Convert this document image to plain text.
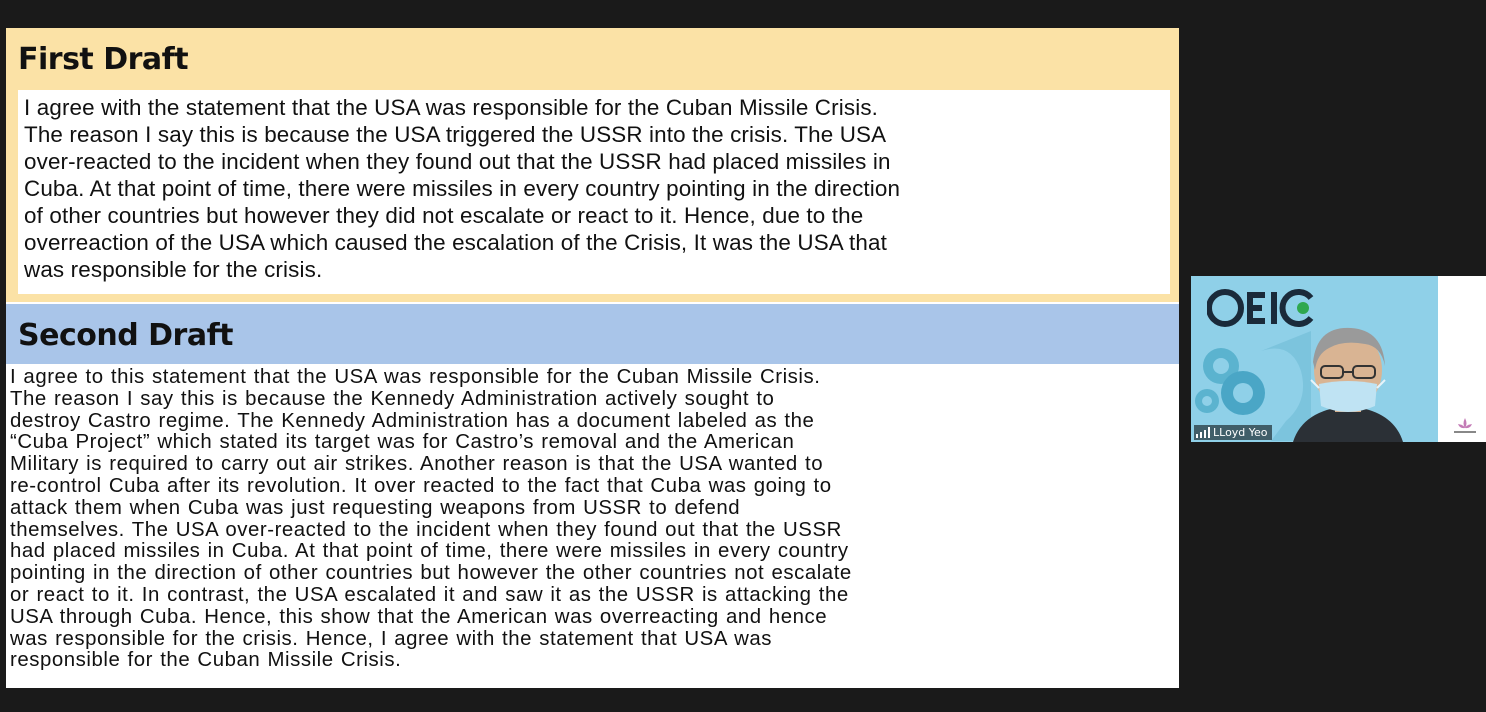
First Draft

I agree with the statement that the USA was responsible for the Cuban Missile Crisis.
The reason I say this is because the USA triggered the USSR into the crisis. The USA
over-reacted to the incident when they found out that the USSR had placed missiles in
Cuba. At that point of time, there were missiles in every country pointing in the direction
of other countries but however they did not escalate or react to it. Hence, due to the
overreaction of the USA which caused the escalation of the Crisis, It was the USA that
was responsible for the crisis.

Second Draft

I agree to this statement that the USA was responsible for the Cuban Missile Crisis.
The reason I say this is because the Kennedy Administration actively sought to
destroy Castro regime. The Kennedy Administration has a document labeled as the
“Cuba Project” which stated its target was for Castro’s removal and the American
Military is required to carry out air strikes. Another reason is that the USA wanted to
re-control Cuba after its revolution. It over reacted to the fact that Cuba was going to
attack them when Cuba was just requesting weapons from USSR to defend
themselves. The USA over-reacted to the incident when they found out that the USSR
had placed missiles in Cuba. At that point of time, there were missiles in every country
pointing in the direction of other countries but however the other countries not escalate
or react to it. In contrast, the USA escalated it and saw it as the USSR is attacking the
USA through Cuba. Hence, this show that the American was overreacting and hence
was responsible for the crisis. Hence, I agree with the statement that USA was
responsible for the Cuban Missile Crisis.

LLoyd Yeo
